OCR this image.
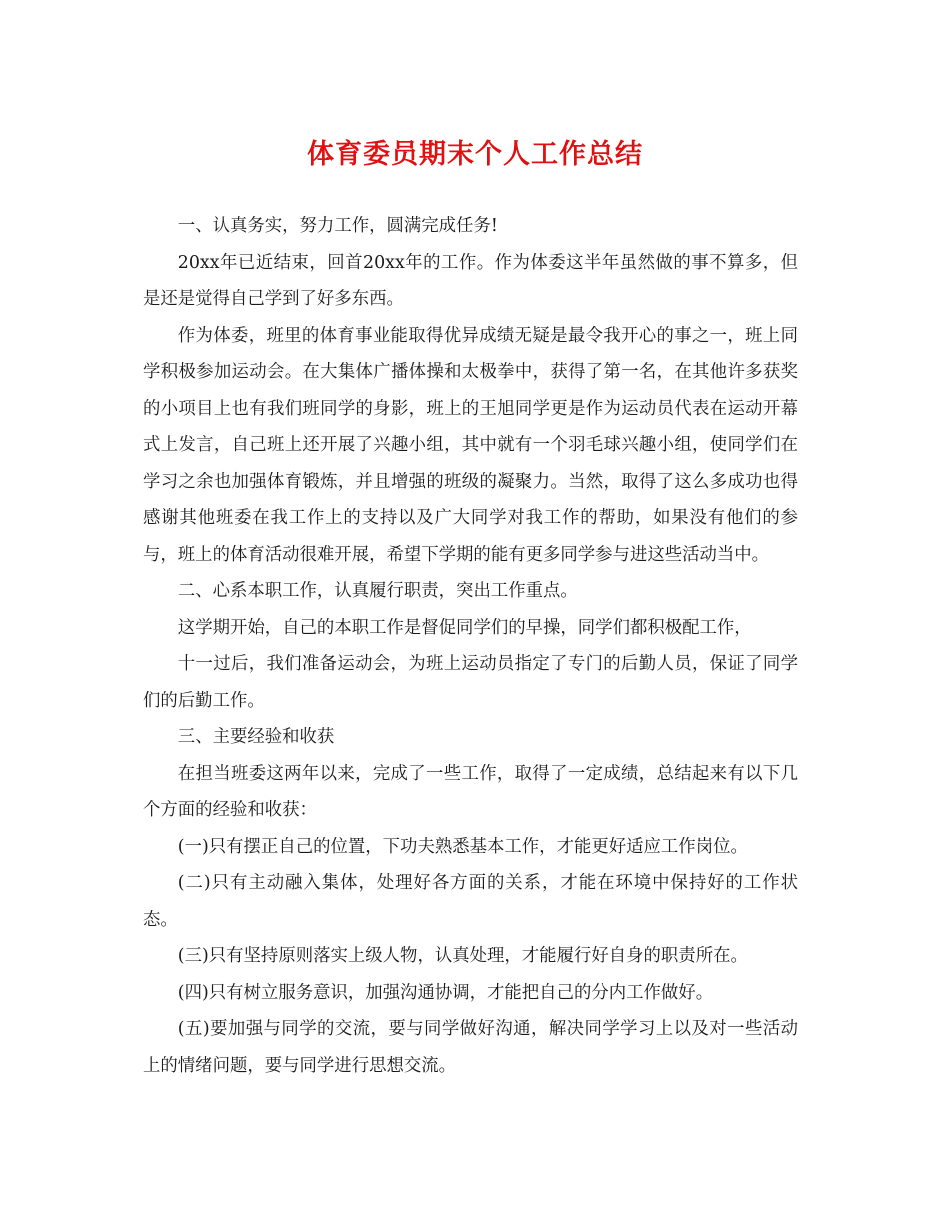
体育委员期末个人工作总结

一、认真务实，努力工作，圆满完成任务!

20xx年已近结束，回首20xx年的工作。作为体委这半年虽然做的事不算多，但是还是觉得自己学到了好多东西。

作为体委，班里的体育事业能取得优异成绩无疑是最令我开心的事之一，班上同学积极参加运动会。在大集体广播体操和太极拳中，获得了第一名，在其他许多获奖的小项目上也有我们班同学的身影，班上的王旭同学更是作为运动员代表在运动开幕式上发言，自己班上还开展了兴趣小组，其中就有一个羽毛球兴趣小组，使同学们在学习之余也加强体育锻炼，并且增强的班级的凝聚力。当然，取得了这么多成功也得感谢其他班委在我工作上的支持以及广大同学对我工作的帮助，如果没有他们的参与，班上的体育活动很难开展，希望下学期的能有更多同学参与进这些活动当中。

二、心系本职工作，认真履行职责，突出工作重点。

这学期开始，自己的本职工作是督促同学们的早操，同学们都积极配工作，

十一过后，我们准备运动会，为班上运动员指定了专门的后勤人员，保证了同学们的后勤工作。

三、主要经验和收获

在担当班委这两年以来，完成了一些工作，取得了一定成绩，总结起来有以下几个方面的经验和收获：

(一)只有摆正自己的位置，下功夫熟悉基本工作，才能更好适应工作岗位。

(二)只有主动融入集体，处理好各方面的关系，才能在环境中保持好的工作状态。

(三)只有坚持原则落实上级人物，认真处理，才能履行好自身的职责所在。

(四)只有树立服务意识，加强沟通协调，才能把自己的分内工作做好。

(五)要加强与同学的交流，要与同学做好沟通，解决同学学习上以及对一些活动上的情绪问题，要与同学进行思想交流。
